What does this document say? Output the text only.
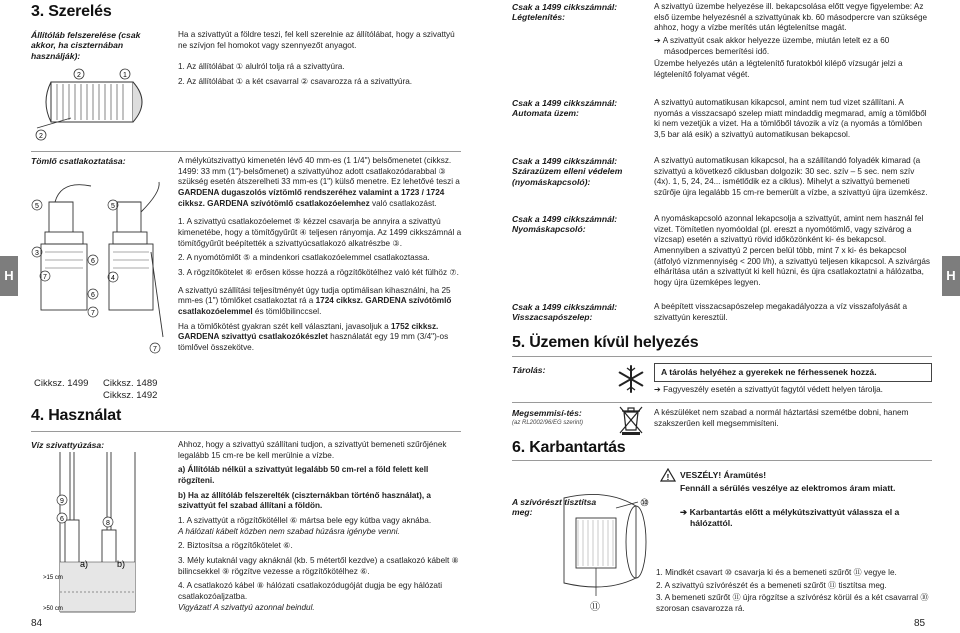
3. Szerelés
Állítóláb felszerelése (csak akkor, ha ciszternában használják):
2
2	1
Ha a szivattyút a földre teszi, fel kell szerelnie az állítólábat, hogy a szivattyú ne szívjon fel homokot vagy szennyezőt anyagot.
1. Az állítólábat ① alulról tolja rá a szivattyúra.
2. Az állítólábat ① a két csavarral ② csavarozza rá a szivattyúra.
Tömlő csatlakoztatása:
5
3
7
6
6
5
4
7
7
Cikksz. 1499 Cikksz. 1489
Cikksz. 1492
A mélykútszivattyú kimenetén lévő 40 mm-es (1 1/4") belsőmenetet (cikksz. 1499: 33 mm (1")-belsőmenet) a szivattyúhoz adott csatlakozódarabbal ③ szükség esetén átszerelheti 33 mm-es (1") külső menetre. Ez lehetővé teszi a GARDENA dugaszolós víztömlő rendszeréhez valamint a 1723 / 1724 cikksz. GARDENA szívótömlő csatlakozóelemhez való csatlakozást.
1. A szivattyú csatlakozóelemet ⑤ kézzel csavarja be annyira a szivattyú kimenetébe, hogy a tömítőgyűrűt ④ teljesen rányomja. Az 1499 cikkszámnál a tömítőgyűrűt beépítették a szivattyúcsatlakozó alkatrészbe ③.
2. A nyomótömlőt ⑤ a mindenkori csatlakozóelemmel csatlakoztassa.
3. A rögzítőkötelet ⑥ erősen kösse hozzá a rögzítőkötélhez való két fülhöz ⑦.
A szivattyú szállítási teljesítményét úgy tudja optimálisan kihasználni, ha 25 mm-es (1") tömlőket csatlakoztat rá a 1724 cikksz. GARDENA szívótömlő csatlakozóelemmel és tömlőbilinccsel.
Ha a tömlőkötést gyakran szét kell választani, javasoljuk a 1752 cikksz. GARDENA szivattyú csatlakozókészlet használatát egy 19 mm (3/4")-os tömlővel összekötve.
4. Használat
Víz szivattyúzása:
9
6
8
a)	b)
>15 cm
>50 cm
Ahhoz, hogy a szivattyú szállítani tudjon, a szivattyút bemeneti szűrőjének legalább 15 cm-re be kell merülnie a vízbe.
a) Állítóláb nélkül a szivattyút legalább 50 cm-rel a föld felett kell rögzíteni.
b) Ha az állítóláb felszerelték (ciszternákban történő használat), a szivattyút fel szabad állítani a földön.
1. A szivattyút a rögzítőkötéllel ⑥ mártsa bele egy kútba vagy aknába.
A hálózati kábelt közben nem szabad húzásra igénybe venni.
2. Biztosítsa a rögzítőkötelet ⑥.
3. Mély kutaknál vagy aknáknál (kb. 5 métertől kezdve) a csatlakozó kábelt ⑧ bilincsekkel ⑨ rögzítve vezesse a rögzítőkötélhez ⑥.
4. A csatlakozó kábel ⑧ hálózati csatlakozódugóját dugja be egy hálózati csatlakozóaljzatba.
Vigyázat! A szivattyú azonnal beindul.
84
H
Csak a 1499 cikkszámnál: Légtelenítés:
A szivattyú üzembe helyezése ill. bekapcsolása előtt vegye figyelembe: Az első üzembe helyezésnél a szivattyúnak kb. 60 másodpercre van szüksége ahhoz, hogy a vízbe merítés után légtelenítse magát.
➔ A szivattyút csak akkor helyezze üzembe, miután letelt ez a 60 másodperces bemerítési idő.
Üzembe helyezés után a légtelenítő furatokból kilépő vízsugár jelzi a légtelenítő folyamat végét.
Csak a 1499 cikkszámnál: Automata üzem:
A szivattyú automatikusan kikapcsol, amint nem tud vizet szállítani. A nyomás a visszacsapó szelep miatt mindaddig megmarad, amíg a tömlőből ki nem vezetjük a vizet. Ha a tömlőből távozik a víz (a nyomás a tömlőben 3,5 bar alá esik) a szivattyú automatikusan bekapcsol.
Csak a 1499 cikkszámnál: Szárazüzem elleni védelem (nyomáskapcsoló):
A szivattyú automatikusan kikapcsol, ha a szállítandó folyadék kimarad (a szivattyú a következő ciklusban dolgozik: 30 sec. szív – 5 sec. nem szív (4x). 1, 5, 24, 24... ismétlődik ez a ciklus). Mihelyt a szivattyú bemeneti szűrője újra legalább 15 cm-re bemerült a vízbe, a szivattyú újra üzemkész.
Csak a 1499 cikkszámnál: Nyomáskapcsoló:
A nyomáskapcsoló azonnal lekapcsolja a szivattyút, amint nem használ fel vizet. Tömítetlen nyomóoldal (pl. ereszt a nyomótömlő, vagy szivárog a vízcsap) esetén a szivattyú rövid időközönként ki- és bekapcsol. Amennyiben a szivattyú 2 percen belül több, mint 7 x ki- és bekapcsol (átfolyó víznmennyiség < 200 l/h), a szivattyú teljesen kikapcsol. A szivárgás elhárítása után a szivattyút ki kell húzni, és újra csatlakoztatni a hálózatba, hogy újra üzemképes legyen.
Csak a 1499 cikkszámnál: Visszacsapószelep:
A beépített visszacsapószelep megakadályozza a víz visszafolyását a szivattyún keresztül.
5. Üzemen kívül helyezés
Tárolás:	A tárolás helyéhez a gyerekek ne férhessenek hozzá.
➔ Fagyveszély esetén a szivattyút fagytól védett helyen tárolja.
Megsemmisí-tés:
(az RL2002/96/EG szerint)
A készüléket nem szabad a normál háztartási szemétbe dobni, hanem szakszerűen kell megsemmisíteni.
6. Karbantartás
A szívórészt tisztítsa meg:
⑩
⑪
! VESZÉLY! Áramütés!
Fennáll a sérülés veszélye az elektromos áram miatt.
➔ Karbantartás előtt a mélykútszivattyút válassza el a hálózattól.
1. Mindkét csavart ⑩ csavarja ki és a bemeneti szűrőt ⑪ vegye le.
2. A szivattyú szívórészét és a bemeneti szűrőt ⑪ tisztítsa meg.
3. A bemeneti szűrőt ⑪ újra rögzítse a szívórész körül és a két csavarral ⑩ szorosan csavarozza rá.
85
H
